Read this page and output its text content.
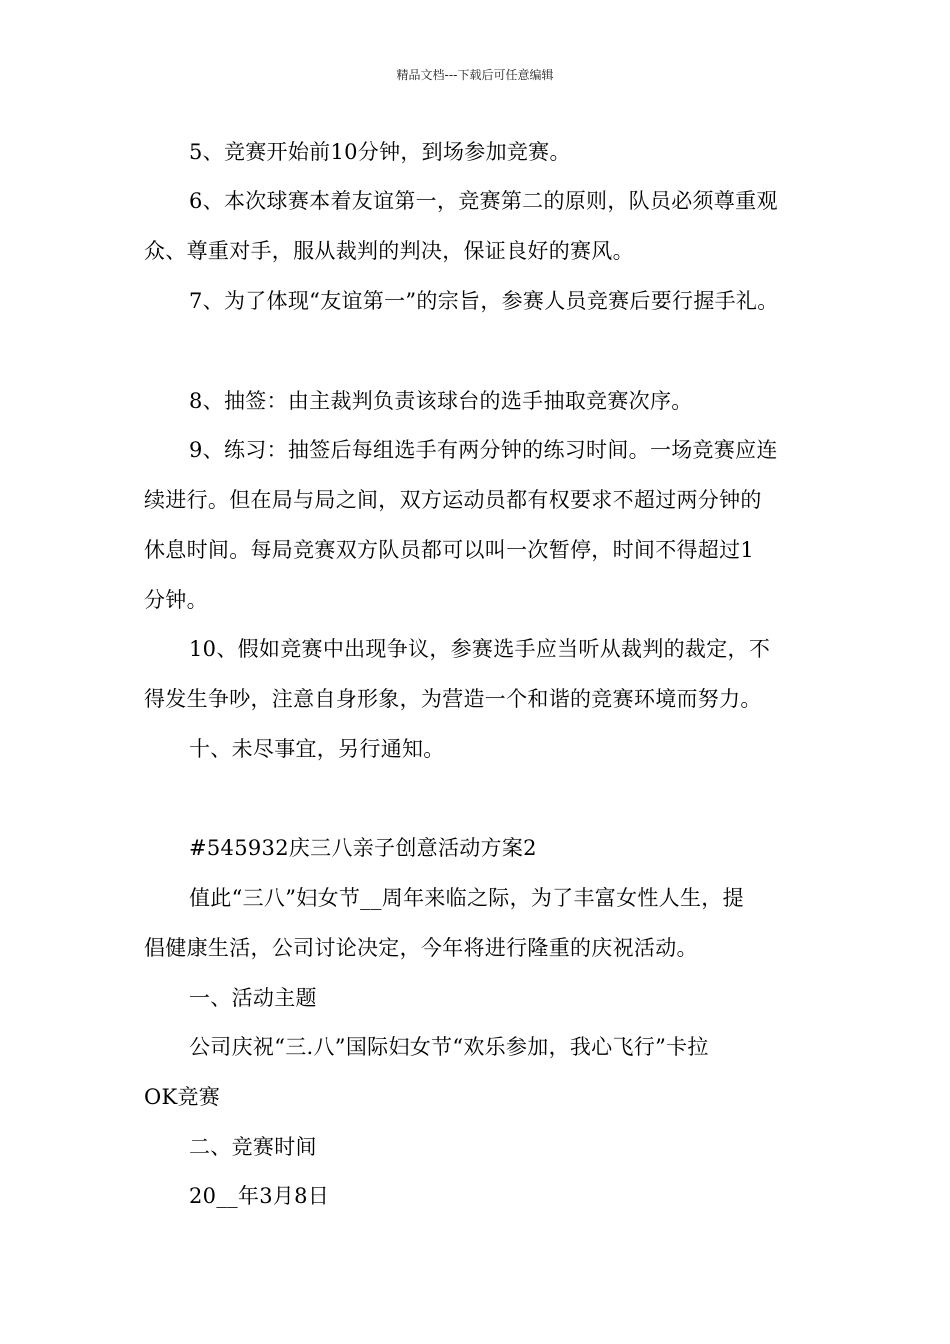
精品文档---下载后可任意编辑
5、竞赛开始前10分钟，到场参加竞赛。
6、本次球赛本着友谊第一，竞赛第二的原则，队员必须尊重观
众、尊重对手，服从裁判的判决，保证良好的赛风。
7、为了体现“友谊第一”的宗旨，参赛人员竞赛后要行握手礼。
8、抽签：由主裁判负责该球台的选手抽取竞赛次序。
9、练习：抽签后每组选手有两分钟的练习时间。一场竞赛应连
续进行。但在局与局之间，双方运动员都有权要求不超过两分钟的
休息时间。每局竞赛双方队员都可以叫一次暂停，时间不得超过1
分钟。
10、假如竞赛中出现争议，参赛选手应当听从裁判的裁定，不
得发生争吵，注意自身形象，为营造一个和谐的竞赛环境而努力。
十、未尽事宜，另行通知。
#545932庆三八亲子创意活动方案2
值此“三八”妇女节__周年来临之际，为了丰富女性人生，提
倡健康生活，公司讨论决定，今年将进行隆重的庆祝活动。
一、活动主题
公司庆祝“三.八”国际妇女节“欢乐参加，我心飞行”卡拉
OK竞赛
二、竞赛时间
20__年3月8日
